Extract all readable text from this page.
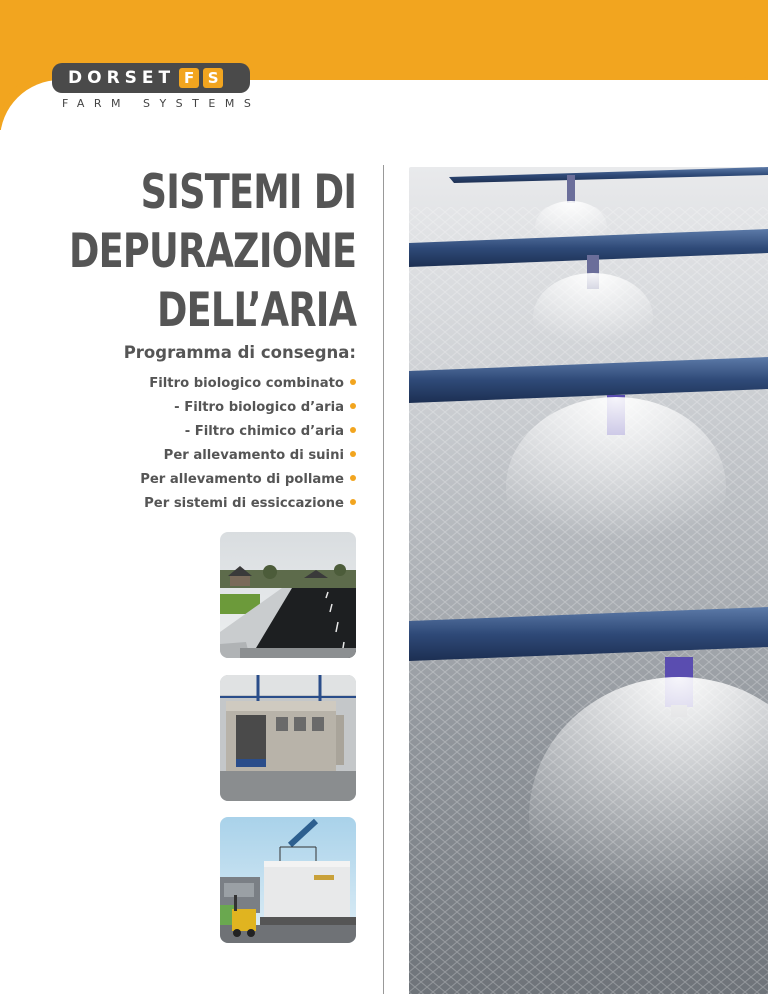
DORSET F S
FARM SYSTEMS
SISTEMI DI
DEPURAZIONE
DELL’ARIA
Programma di consegna:
Filtro biologico combinato
- Filtro biologico d’aria
- Filtro chimico d’aria
Per allevamento di suini
Per allevamento di pollame
Per sistemi di essiccazione
